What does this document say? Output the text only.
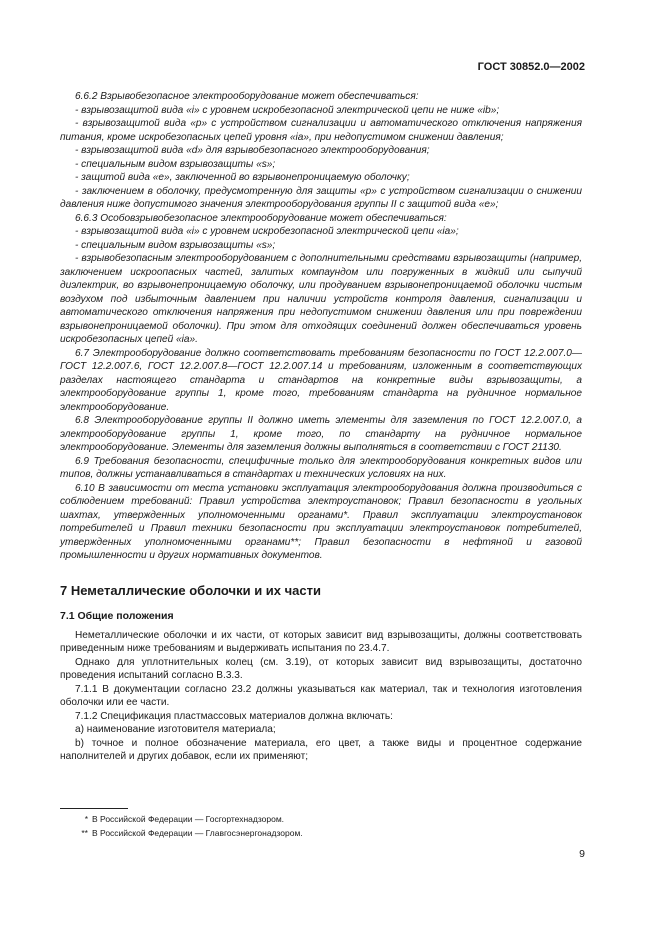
ГОСТ 30852.0—2002

6.6.2 Взрывобезопасное электрооборудование может обеспечиваться:

- взрывозащитой вида «i» с уровнем искробезопасной электрической цепи не ниже «ib»;

- взрывозащитой вида «р» с устройством сигнализации и автоматического отключения напряжения питания, кроме искробезопасных цепей уровня «ia», при недопустимом снижении давления;

- взрывозащитой вида «d» для взрывобезопасного электрооборудования;

- специальным видом взрывозащиты «s»;

- защитой вида «е», заключенной во взрывонепроницаемую оболочку;

- заключением в оболочку, предусмотренную для защиты «р» с устройством сигнализации о снижении давления ниже допустимого значения электрооборудования группы II с защитой вида «е»;

6.6.3 Особовзрывобезопасное электрооборудование может обеспечиваться:

- взрывозащитой вида «i» с уровнем искробезопасной электрической цепи «ia»;

- специальным видом взрывозащиты «s»;

- взрывобезопасным электрооборудованием с дополнительными средствами взрывозащиты (например, заключением искроопасных частей, залитых компаундом или погруженных в жидкий или сыпучий диэлектрик, во взрывонепроницаемую оболочку, или продуванием взрывонепроницаемой оболочки чистым воздухом под избыточным давлением при наличии устройств контроля давления, сигнализации и автоматического отключения напряжения при недопустимом снижении давления или при повреждении взрывонепроницаемой оболочки). При этом для отходящих соединений должен обеспечиваться уровень искробезопасных цепей «ia».

6.7 Электрооборудование должно соответствовать требованиям безопасности по ГОСТ 12.2.007.0—ГОСТ 12.2.007.6, ГОСТ 12.2.007.8—ГОСТ 12.2.007.14 и требованиям, изложенным в соответствующих разделах настоящего стандарта и стандартов на конкретные виды взрывозащиты, а электрооборудование группы 1, кроме того, требованиям стандарта на рудничное нормальное электрооборудование.

6.8 Электрооборудование группы II должно иметь элементы для заземления по ГОСТ 12.2.007.0, а электрооборудование группы 1, кроме того, по стандарту на рудничное нормальное электрооборудование. Элементы для заземления должны выполняться в соответствии с ГОСТ 21130.

6.9 Требования безопасности, специфичные только для электрооборудования конкретных видов или типов, должны устанавливаться в стандартах и технических условиях на них.

6.10 В зависимости от места установки эксплуатация электрооборудования должна производиться с соблюдением требований: Правил устройства электроустановок; Правил безопасности в угольных шахтах, утвержденных уполномоченными органами*. Правил эксплуатации электроустановок потребителей и Правил техники безопасности при эксплуатации электроустановок потребителей, утвержденных уполномоченными органами**; Правил безопасности в нефтяной и газовой промышленности и других нормативных документов.

7 Неметаллические оболочки и их части
7.1 Общие положения

Неметаллические оболочки и их части, от которых зависит вид взрывозащиты, должны соответствовать приведенным ниже требованиям и выдерживать испытания по 23.4.7.

Однако для уплотнительных колец (см. 3.19), от которых зависит вид взрывозащиты, достаточно проведения испытаний согласно В.3.3.

7.1.1 В документации согласно 23.2 должны указываться как материал, так и технология изготовления оболочки или ее части.

7.1.2 Спецификация пластмассовых материалов должна включать:

а) наименование изготовителя материала;

b) точное и полное обозначение материала, его цвет, а также виды и процентное содержание наполнителей и других добавок, если их применяют;

* В Российской Федерации — Госгортехнадзором.
** В Российской Федерации — Главгосэнергонадзором.
9
